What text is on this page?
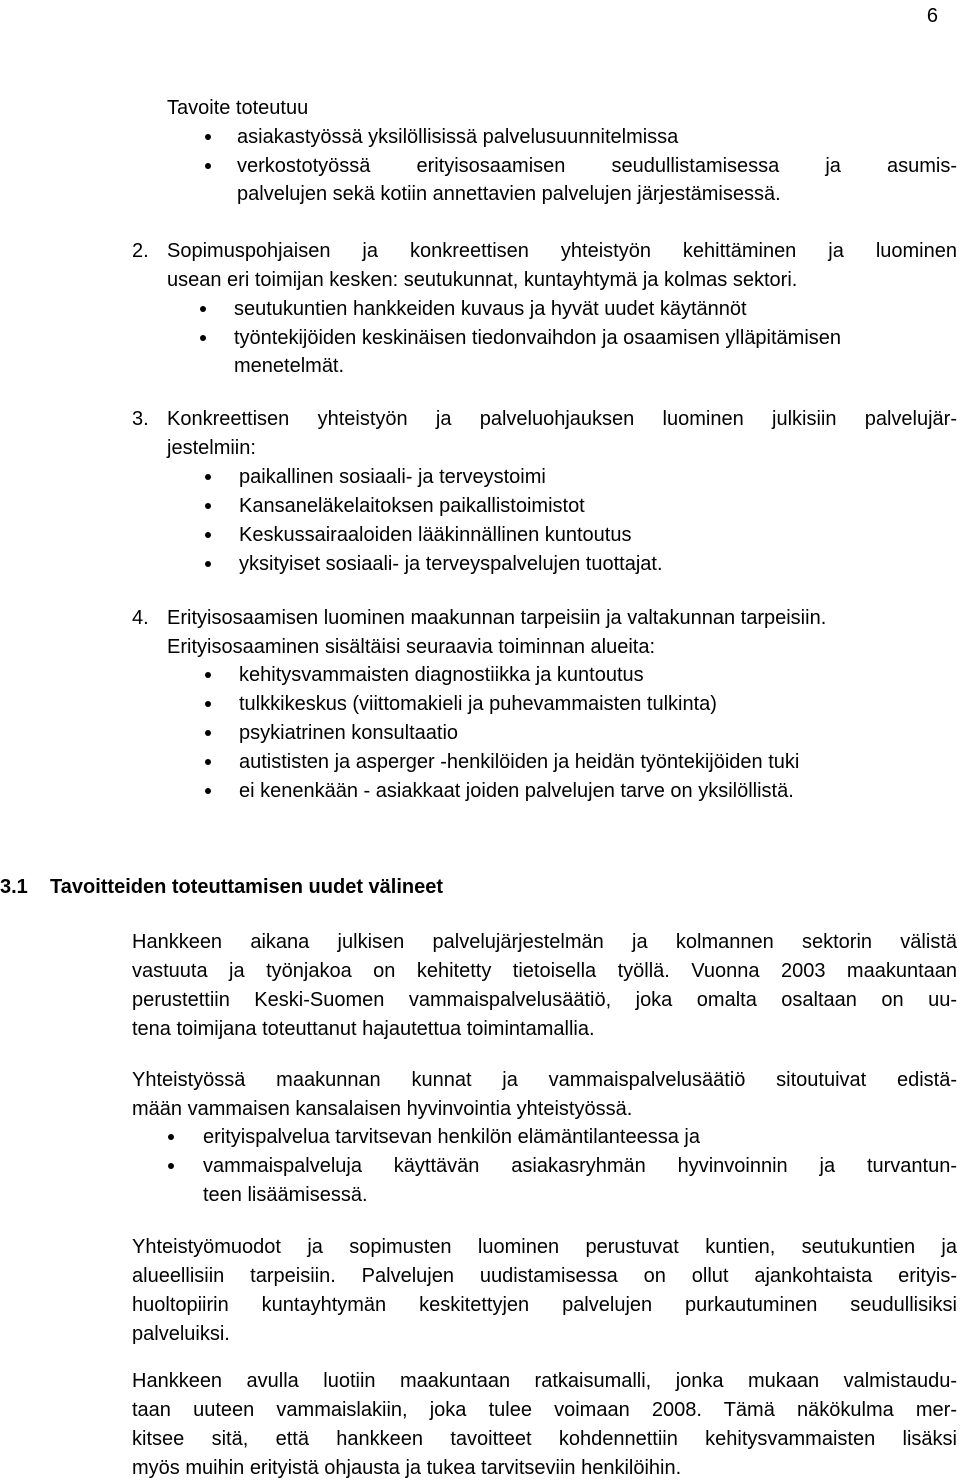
6
Tavoite toteutuu
asiakastyössä yksilöllisissä palvelusuunnitelmissa
verkostotyössä erityisosaamisen seudullistamisessa ja asumis-
palvelujen sekä kotiin annettavien palvelujen järjestämisessä.
2. Sopimuspohjaisen ja konkreettisen yhteistyön kehittäminen ja luominen
usean eri toimijan kesken: seutukunnat, kuntayhtymä ja kolmas sektori.
seutukuntien hankkeiden kuvaus ja hyvät uudet käytännöt
työntekijöiden keskinäisen tiedonvaihdon ja osaamisen ylläpitämisen
menetelmät.
3. Konkreettisen yhteistyön ja palveluohjauksen luominen julkisiin palvelujär-
jestelmiin:
paikallinen sosiaali- ja terveystoimi
Kansaneläkelaitoksen paikallistoimistot
Keskussairaaloiden lääkinnällinen kuntoutus
yksityiset sosiaali- ja terveyspalvelujen tuottajat.
4. Erityisosaamisen luominen maakunnan tarpeisiin ja valtakunnan tarpeisiin.
Erityisosaaminen sisältäisi seuraavia toiminnan alueita:
kehitysvammaisten diagnostiikka ja kuntoutus
tulkkikeskus (viittomakieli ja puhevammaisten tulkinta)
psykiatrinen konsultaatio
autististen ja asperger -henkilöiden ja heidän työntekijöiden tuki
ei kenenkään - asiakkaat joiden palvelujen tarve on yksilöllistä.
3.1 Tavoitteiden toteuttamisen uudet välineet
Hankkeen aikana julkisen palvelujärjestelmän ja kolmannen sektorin välistä
vastuuta ja työnjakoa on kehitetty tietoisella työllä. Vuonna 2003 maakuntaan
perustettiin Keski-Suomen vammaispalvelusäätiö, joka omalta osaltaan on uu-
tena toimijana toteuttanut hajautettua toimintamallia.
Yhteistyössä maakunnan kunnat ja vammaispalvelusäätiö sitoutuivat edistä-
mään vammaisen kansalaisen hyvinvointia yhteistyössä.
erityispalvelua tarvitsevan henkilön elämäntilanteessa ja
vammaispalveluja käyttävän asiakasryhmän hyvinvoinnin ja turvantun-
teen lisäämisessä.
Yhteistyömuodot ja sopimusten luominen perustuvat kuntien, seutukuntien ja
alueellisiin tarpeisiin. Palvelujen uudistamisessa on ollut ajankohtaista erityis-
huoltopiirin kuntayhtymän keskitettyjen palvelujen purkautuminen seudullisiksi
palveluiksi.
Hankkeen avulla luotiin maakuntaan ratkaisumalli, jonka mukaan valmistaudu-
taan uuteen vammaislakiin, joka tulee voimaan 2008. Tämä näkökulma mer-
kitsee sitä, että hankkeen tavoitteet kohdennettiin kehitysvammaisten lisäksi
myös muihin erityistä ohjausta ja tukea tarvitseviin henkilöihin.
